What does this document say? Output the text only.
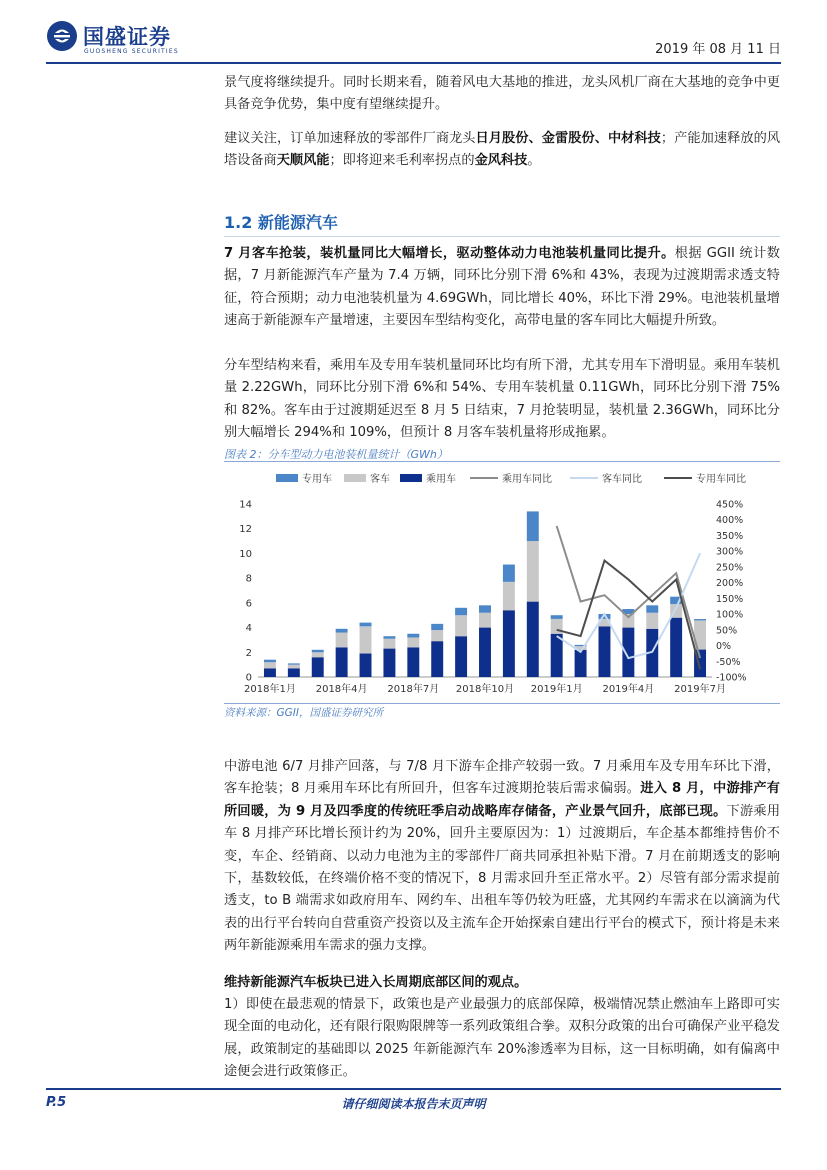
国盛证券
GUOSHENG SECURITIES	2019 年 08 月 11 日
景气度将继续提升。同时长期来看，随着风电大基地的推进，龙头风机厂商在大基地的竞争中更具备竞争优势，集中度有望继续提升。
建议关注，订单加速释放的零部件厂商龙头日月股份、金雷股份、中材科技；产能加速释放的风塔设备商天顺风能；即将迎来毛利率拐点的金风科技。
1.2 新能源汽车
7 月客车抢装，装机量同比大幅增长，驱动整体动力电池装机量同比提升。根据 GGII 统计数据，7 月新能源汽车产量为 7.4 万辆，同环比分别下滑 6%和 43%，表现为过渡期需求透支特征，符合预期；动力电池装机量为 4.69GWh，同比增长 40%，环比下滑 29%。电池装机量增速高于新能源车产量增速，主要因车型结构变化，高带电量的客车同比大幅提升所致。
分车型结构来看，乘用车及专用车装机量同环比均有所下滑，尤其专用车下滑明显。乘用车装机量 2.22GWh，同环比分别下滑 6%和 54%、专用车装机量 0.11GWh，同环比分别下滑 75%和 82%。客车由于过渡期延迟至 8 月 5 日结束，7 月抢装明显，装机量 2.36GWh，同环比分别大幅增长 294%和 109%，但预计 8 月客车装机量将形成拖累。
图表 2：分车型动力电池装机量统计（GWh）
专用车	客车	乘用车	乘用车同比	客车同比	专用车同比
0
2
4
6
8
10
12
14
-100%
-50%
0%
50%
100%
150%
200%
250%
300%
350%
400%
450%
2018年1月 2018年4月 2018年7月 2018年10月 2019年1月 2019年4月 2019年7月
资料来源：GGII，国盛证券研究所
中游电池 6/7 月排产回落，与 7/8 月下游车企排产较弱一致。7 月乘用车及专用车环比下滑，客车抢装；8 月乘用车环比有所回升，但客车过渡期抢装后需求偏弱。进入 8 月，中游排产有所回暖，为 9 月及四季度的传统旺季启动战略库存储备，产业景气回升，底部已现。下游乘用车 8 月排产环比增长预计约为 20%，回升主要原因为：1）过渡期后，车企基本都维持售价不变，车企、经销商、以动力电池为主的零部件厂商共同承担补贴下滑。7 月在前期透支的影响下，基数较低，在终端价格不变的情况下，8 月需求回升至正常水平。2）尽管有部分需求提前透支，to B 端需求如政府用车、网约车、出租车等仍较为旺盛，尤其网约车需求在以滴滴为代表的出行平台转向自营重资产投资以及主流车企开始探索自建出行平台的模式下，预计将是未来两年新能源乘用车需求的强力支撑。
维持新能源汽车板块已进入长周期底部区间的观点。
1）即使在最悲观的情景下，政策也是产业最强力的底部保障，极端情况禁止燃油车上路即可实现全面的电动化，还有限行限购限牌等一系列政策组合拳。双积分政策的出台可确保产业平稳发展，政策制定的基础即以 2025 年新能源汽车 20%渗透率为目标，这一目标明确，如有偏离中途便会进行政策修正。
P.5	请仔细阅读本报告末页声明
